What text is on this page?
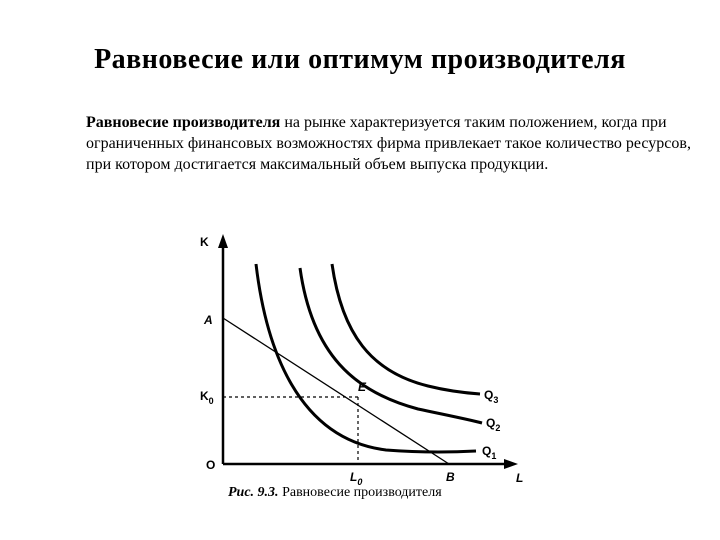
Равновесие или оптимум производителя
Равновесие производителя на рынке характеризуется таким положением, когда при ограниченных финансовых возможностях фирма привлекает такое количество ресурсов, при котором достигается максимальный объем выпуска продукции.
K
L
O
A
B
E
$K_0$
$L_0$
$Q_1$
$Q_2$
$Q_3$
Рис. 9.3. Равновесие производителя
